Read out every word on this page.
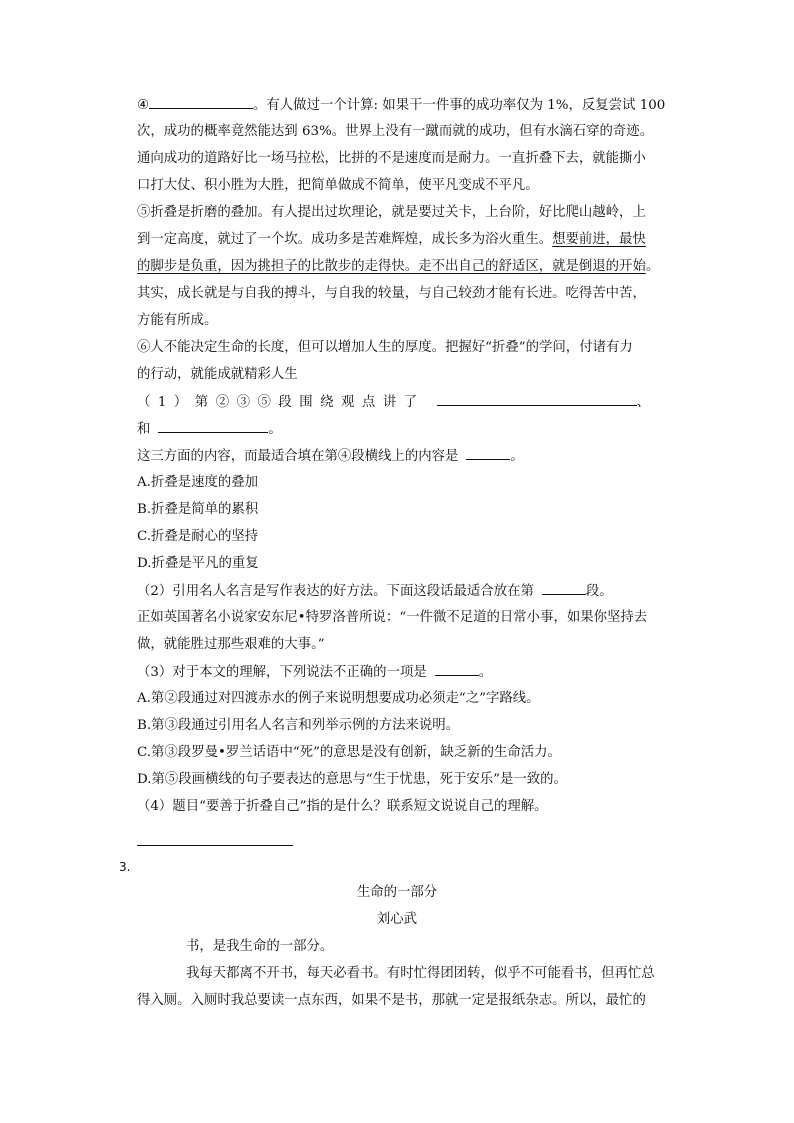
④	。有人做过一个计算: 如果干一件事的成功率仅为 1%，反复尝试 100
次，成功的概率竟然能达到 63%。世界上没有一蹴而就的成功，但有水滴石穿的奇迹。
通向成功的道路好比一场马拉松，比拼的不是速度而是耐力。一直折叠下去，就能撕小
口打大仗、积小胜为大胜，把简单做成不简单，使平凡变成不平凡。
⑤折叠是折磨的叠加。有人提出过坎理论，就是要过关卡，上台阶，好比爬山越岭，上
到一定高度，就过了一个坎。成功多是苦难辉煌，成长多为浴火重生。想要前进，最快
的脚步是负重，因为挑担子的比散步的走得快。走不出自己的舒适区，就是倒退的开始。
其实，成长就是与自我的搏斗，与自我的较量，与自己较劲才能有长进。吃得苦中苦，
方能有所成。
⑥人不能决定生命的长度，但可以增加人生的厚度。把握好“折叠”的学问，付诸有力
的行动，就能成就精彩人生
（1）第②③⑤段围绕观点讲了	、
和	。
这三方面的内容，而最适合填在第④段横线上的内容是	。
A.折叠是速度的叠加
B.折叠是简单的累积
C.折叠是耐心的坚持
D.折叠是平凡的重复
（2）引用名人名言是写作表达的好方法。下面这段话最适合放在第	段。
正如英国著名小说家安东尼•特罗洛普所说：“一件微不足道的日常小事，如果你坚持去
做，就能胜过那些艰难的大事。”
（3）对于本文的理解，下列说法不正确的一项是	。
A.第②段通过对四渡赤水的例子来说明想要成功必须走“之”字路线。
B.第③段通过引用名人名言和列举示例的方法来说明。
C.第③段罗曼•罗兰话语中“死”的意思是没有创新，缺乏新的生命活力。
D.第⑤段画横线的句子要表达的意思与“生于忧患，死于安乐”是一致的。
（4）题目“要善于折叠自己”指的是什么？联系短文说说自己的理解。
3.
生命的一部分
刘心武
书，是我生命的一部分。
我每天都离不开书，每天必看书。有时忙得团团转，似乎不可能看书，但再忙总
得入厕。入厕时我总要读一点东西，如果不是书，那就一定是报纸杂志。所以，最忙的
